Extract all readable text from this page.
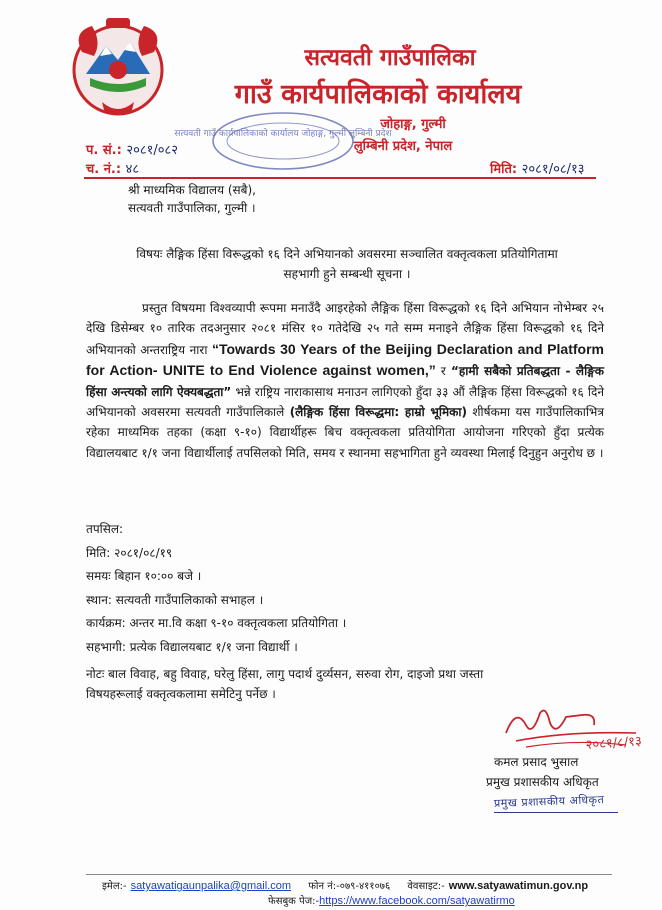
सत्यवती गाउँपालिका
गाउँ कार्यपालिकाको कार्यालय
जोहाङ्ग, गुल्मी
लुम्बिनी प्रदेश, नेपाल
सत्यवती गाउँ कार्यपालिकाको कार्यालय जोहाङ्ग, गुल्मी लुम्बिनी प्रदेश
प. सं.: २०८१/०८२
च. नं.: ४८	मिति: २०८१/०८/१३
श्री माध्यमिक विद्यालय (सबै),
सत्यवती गाउँपालिका, गुल्मी ।
विषयः लैङ्गिक हिंसा विरूद्धको १६ दिने अभियानको अवसरमा सञ्चालित वक्तृत्वकला प्रतियोगितामा
सहभागी हुने सम्बन्धी सूचना ।
प्रस्तुत विषयमा विश्वव्यापी रूपमा मनाउँदै आइरहेको लैङ्गिक हिंसा विरूद्धको १६ दिने अभियान नोभेम्बर २५ देखि डिसेम्बर १० तारिक तदअनुसार २०८१ मंसिर १० गतेदेखि २५ गते सम्म मनाइने लैङ्गिक हिंसा विरूद्धको १६ दिने अभियानको अन्तराष्ट्रिय नारा “Towards 30 Years of the Beijing Declaration and Platform for Action- UNITE to End Violence against women,” र “हामी सबैको प्रतिबद्धता - लैङ्गिक हिंसा अन्त्यको लागि ऐक्यबद्धता” भन्ने राष्ट्रिय नाराकासाथ मनाउन लागिएको हुँदा ३३ औं लैङ्गिक हिंसा विरूद्धको १६ दिने अभियानको अवसरमा सत्यवती गाउँपालिकाले (लैङ्गिक हिंसा विरूद्धमा: हाम्रो भूमिका) शीर्षकमा यस गाउँपालिकाभित्र रहेका माध्यमिक तहका (कक्षा ९-१०) विद्यार्थीहरू बिच वक्तृत्वकला प्रतियोगिता आयोजना गरिएको हुँदा प्रत्येक विद्यालयबाट १/१ जना विद्यार्थीलाई तपसिलको मिति, समय र स्थानमा सहभागिता हुने व्यवस्था मिलाई दिनुहुन अनुरोध छ ।
तपसिल:
मिति: २०८१/०८/१९
समयः बिहान १०:०० बजे ।
स्थान: सत्यवती गाउँपालिकाको सभाहल ।
कार्यक्रम: अन्तर मा.वि कक्षा ९-१० वक्तृत्वकला प्रतियोगिता ।
सहभागी: प्रत्येक विद्यालयबाट १/१ जना विद्यार्थी ।
नोटः बाल विवाह, बहु विवाह, घरेलु हिंसा, लागु पदार्थ दुर्व्यसन, सरुवा रोग, दाइजो प्रथा जस्ता
विषयहरूलाई वक्तृत्वकलामा समेटिनु पर्नेछ ।
२०८१/८/१३
कमल प्रसाद भुसाल
प्रमुख प्रशासकीय अधिकृत
प्रमुख प्रशासकीय अधिकृत
इमेल:- satyawatigaunpalika@gmail.com फोन नं:-०७९-४११०७६ वेवसाइट:- www.satyawatimun.gov.np
फेसबुक पेज:-https://www.facebook.com/satyawatirmo
